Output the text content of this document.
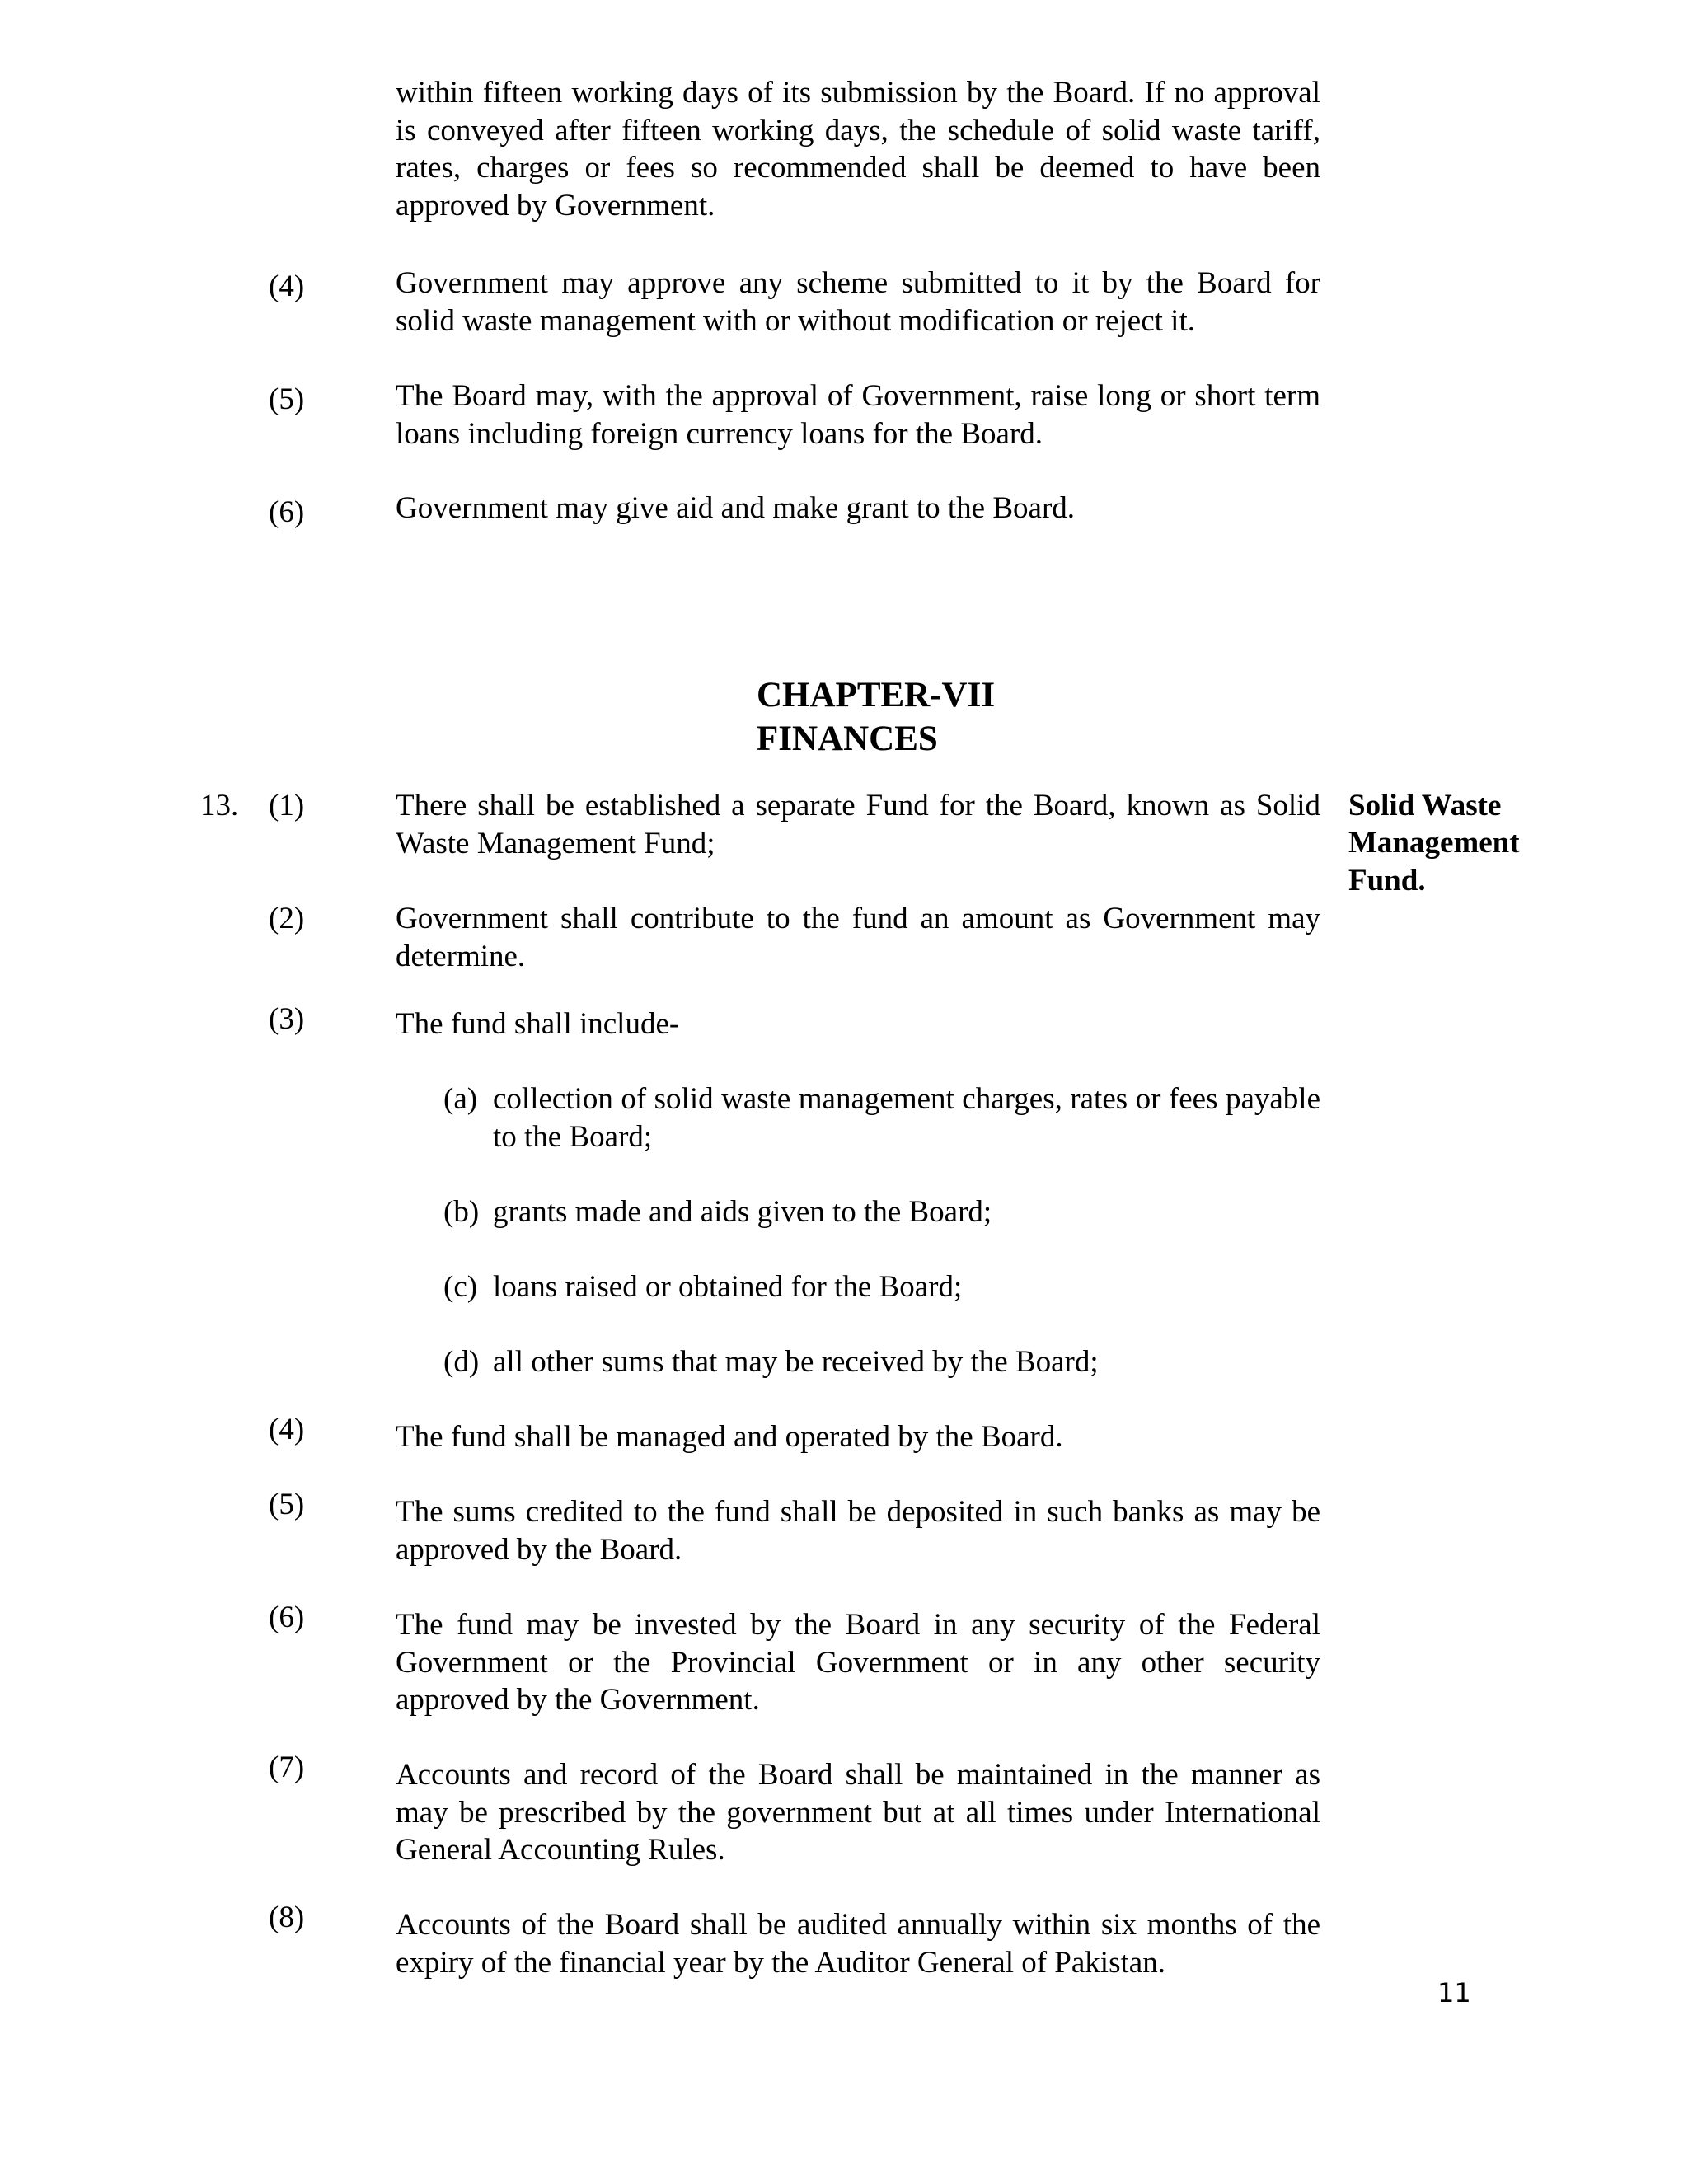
within fifteen working days of its submission by the Board. If no approval is conveyed after fifteen working days, the schedule of solid waste tariff, rates, charges or fees so recommended shall be deemed to have been approved by Government.

(4)	Government may approve any scheme submitted to it by the Board for solid waste management with or without modification or reject it.

(5)	The Board may, with the approval of Government, raise long or short term loans including foreign currency loans for the Board.

(6)	Government may give aid and make grant to the Board.

CHAPTER-VII
FINANCES
13.	Solid Waste
Management
Fund.
(1)	There shall be established a separate Fund for the Board, known as Solid Waste Management Fund;

(2)	Government shall contribute to the fund an amount as Government may determine.

(3)	The fund shall include-

(a) collection of solid waste management charges, rates or fees payable to the Board;
(b) grants made and aids given to the Board;
(c) loans raised or obtained for the Board;
(d) all other sums that may be received by the Board;
(4)	The fund shall be managed and operated by the Board.

(5)	The sums credited to the fund shall be deposited in such banks as may be approved by the Board.

(6)	The fund may be invested by the Board in any security of the Federal Government or the Provincial Government or in any other security approved by the Government.

(7)	Accounts and record of the Board shall be maintained in the manner as may be prescribed by the government but at all times under International General Accounting Rules.

(8)	Accounts of the Board shall be audited annually within six months of the expiry of the financial year by the Auditor General of Pakistan.

11
